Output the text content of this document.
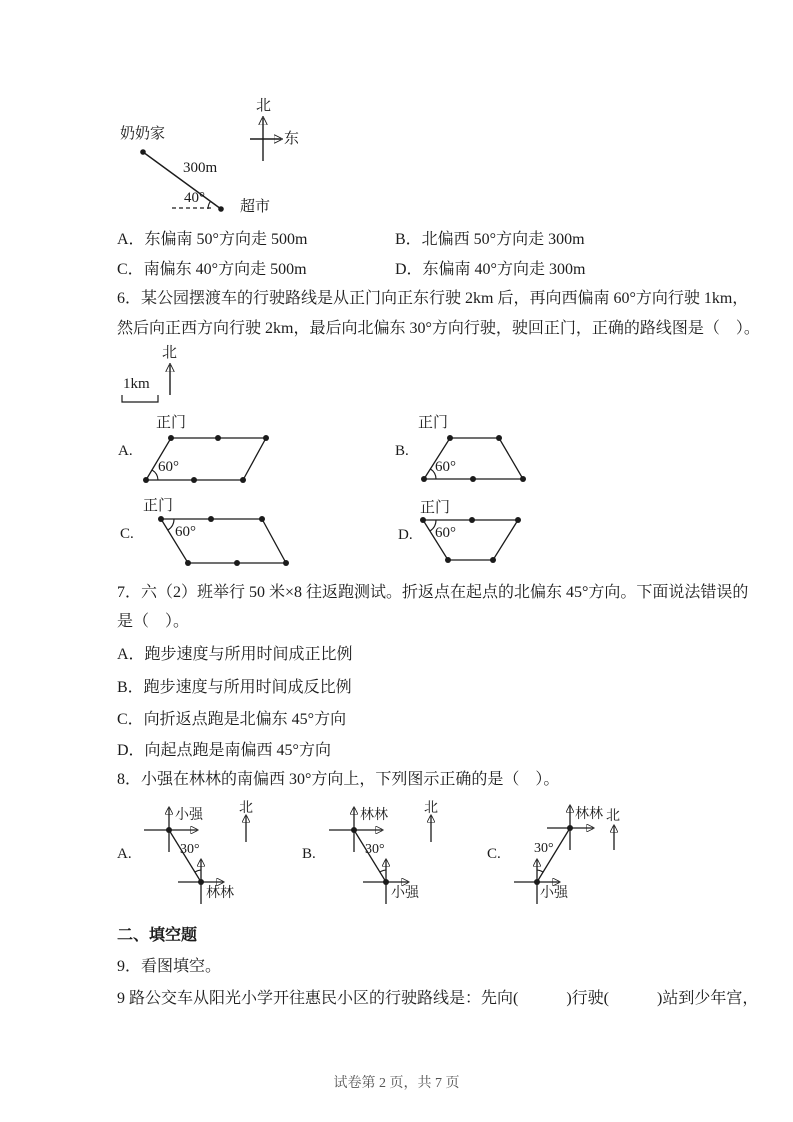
奶奶家
300m
40°
超市
北
东
A．东偏南 50°方向走 500m	B．北偏西 50°方向走 300m
C．南偏东 40°方向走 500m	D．东偏南 40°方向走 300m
6．某公园摆渡车的行驶路线是从正门向正东行驶 2km 后，再向西偏南 60°方向行驶 1km，
然后向正西方向行驶 2km，最后向北偏东 30°方向行驶，驶回正门，正确的路线图是（　）。
北
1km
A.
正门
60°
B.
正门
60°
C.
正门
60°	D.
正门
60°
7．六（2）班举行 50 米×8 往返跑测试。折返点在起点的北偏东 45°方向。下面说法错误的
是（　）。
A．跑步速度与所用时间成正比例
B．跑步速度与所用时间成反比例
C．向折返点跑是北偏东 45°方向
D．向起点跑是南偏西 45°方向
8．小强在林林的南偏西 30°方向上，下列图示正确的是（　）。
A.
小强
林林
30°
北
B.
林林
小强
30°
北
C.
林林
小强
30°
北
二、填空题
9．看图填空。
9 路公交车从阳光小学开往惠民小区的行驶路线是：先向(　　　)行驶(　　　)站到少年宫，
试卷第 2 页，共 7 页
